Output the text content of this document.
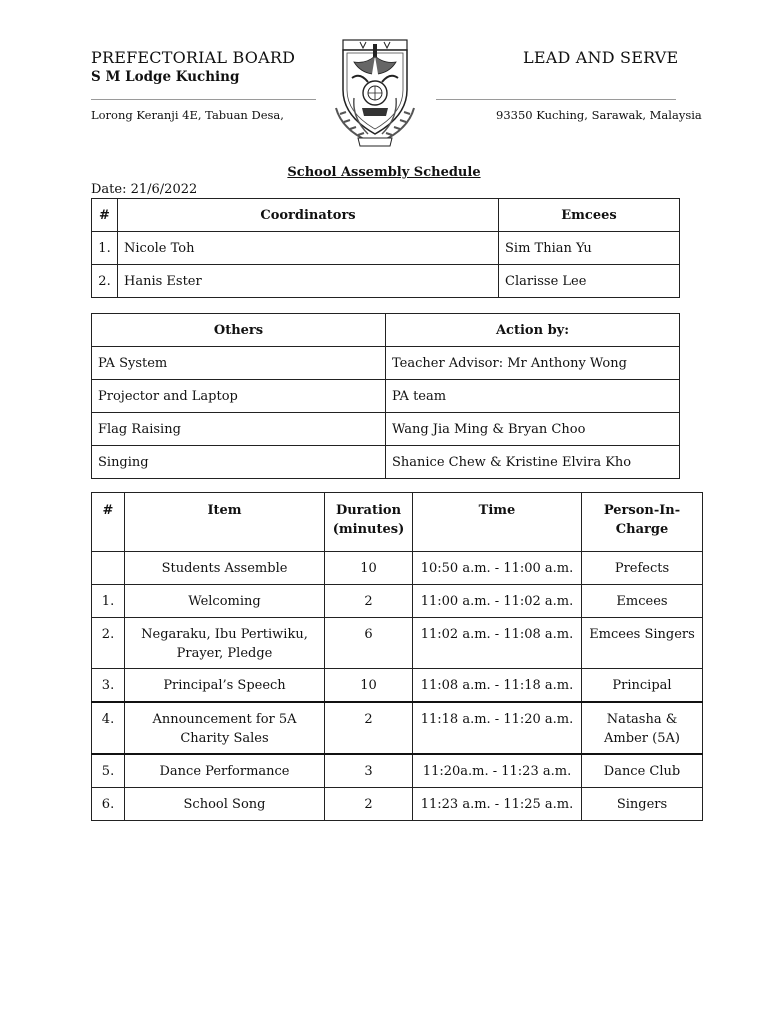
PREFECTORIAL BOARD
S M Lodge Kuching
LEAD AND SERVE
Lorong Keranji 4E, Tabuan Desa,	93350 Kuching, Sarawak, Malaysia
School Assembly Schedule
Date: 21/6/2022
#	Coordinators	Emcees
1.	Nicole Toh	Sim Thian Yu
2.	Hanis Ester	Clarisse Lee
Others	Action by:
PA System	Teacher Advisor: Mr Anthony Wong
Projector and Laptop	PA team
Flag Raising	Wang Jia Ming & Bryan Choo
Singing	Shanice Chew & Kristine Elvira Kho
#	Item	Duration (minutes)	Time	Person-In-Charge
	Students Assemble	10	10:50 a.m. - 11:00 a.m.	Prefects
1.	Welcoming	2	11:00 a.m. - 11:02 a.m.	Emcees
2.	Negaraku, Ibu Pertiwiku, Prayer, Pledge	6	11:02 a.m. - 11:08 a.m.	Emcees Singers
3.	Principal’s Speech	10	11:08 a.m. - 11:18 a.m.	Principal
4.	Announcement for 5A Charity Sales	2	11:18 a.m. - 11:20 a.m.	Natasha & Amber (5A)
5.	Dance Performance	3	11:20a.m. - 11:23 a.m.	Dance Club
6.	School Song	2	11:23 a.m. - 11:25 a.m.	Singers
